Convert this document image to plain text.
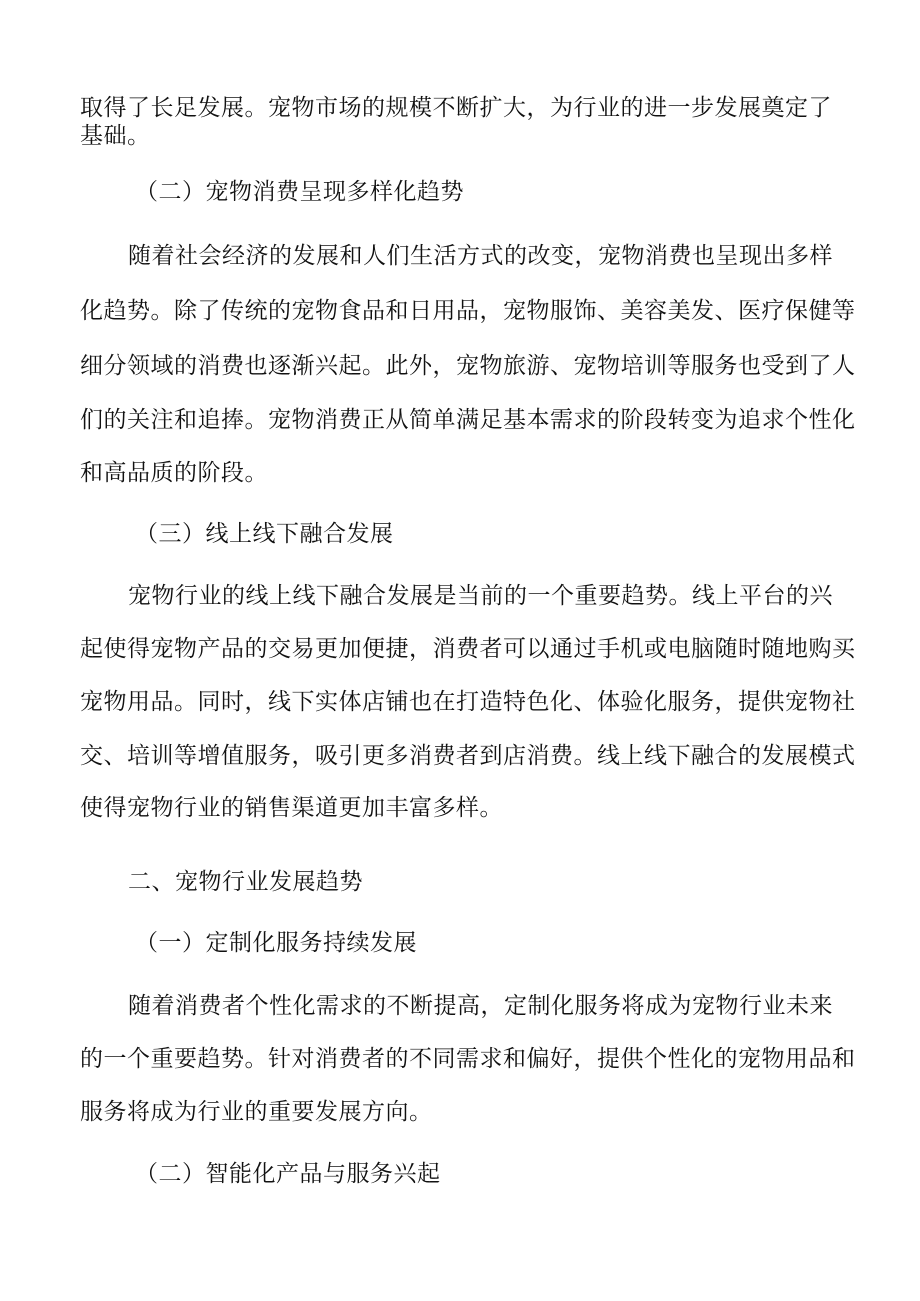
取得了长足发展。宠物市场的规模不断扩大，为行业的进一步发展奠定了
基础。
（二）宠物消费呈现多样化趋势
随着社会经济的发展和人们生活方式的改变，宠物消费也呈现出多样
化趋势。除了传统的宠物食品和日用品，宠物服饰、美容美发、医疗保健等
细分领域的消费也逐渐兴起。此外，宠物旅游、宠物培训等服务也受到了人
们的关注和追捧。宠物消费正从简单满足基本需求的阶段转变为追求个性化
和高品质的阶段。
（三）线上线下融合发展
宠物行业的线上线下融合发展是当前的一个重要趋势。线上平台的兴
起使得宠物产品的交易更加便捷，消费者可以通过手机或电脑随时随地购买
宠物用品。同时，线下实体店铺也在打造特色化、体验化服务，提供宠物社
交、培训等增值服务，吸引更多消费者到店消费。线上线下融合的发展模式
使得宠物行业的销售渠道更加丰富多样。
二、宠物行业发展趋势
（一）定制化服务持续发展
随着消费者个性化需求的不断提高，定制化服务将成为宠物行业未来
的一个重要趋势。针对消费者的不同需求和偏好，提供个性化的宠物用品和
服务将成为行业的重要发展方向。
（二）智能化产品与服务兴起
